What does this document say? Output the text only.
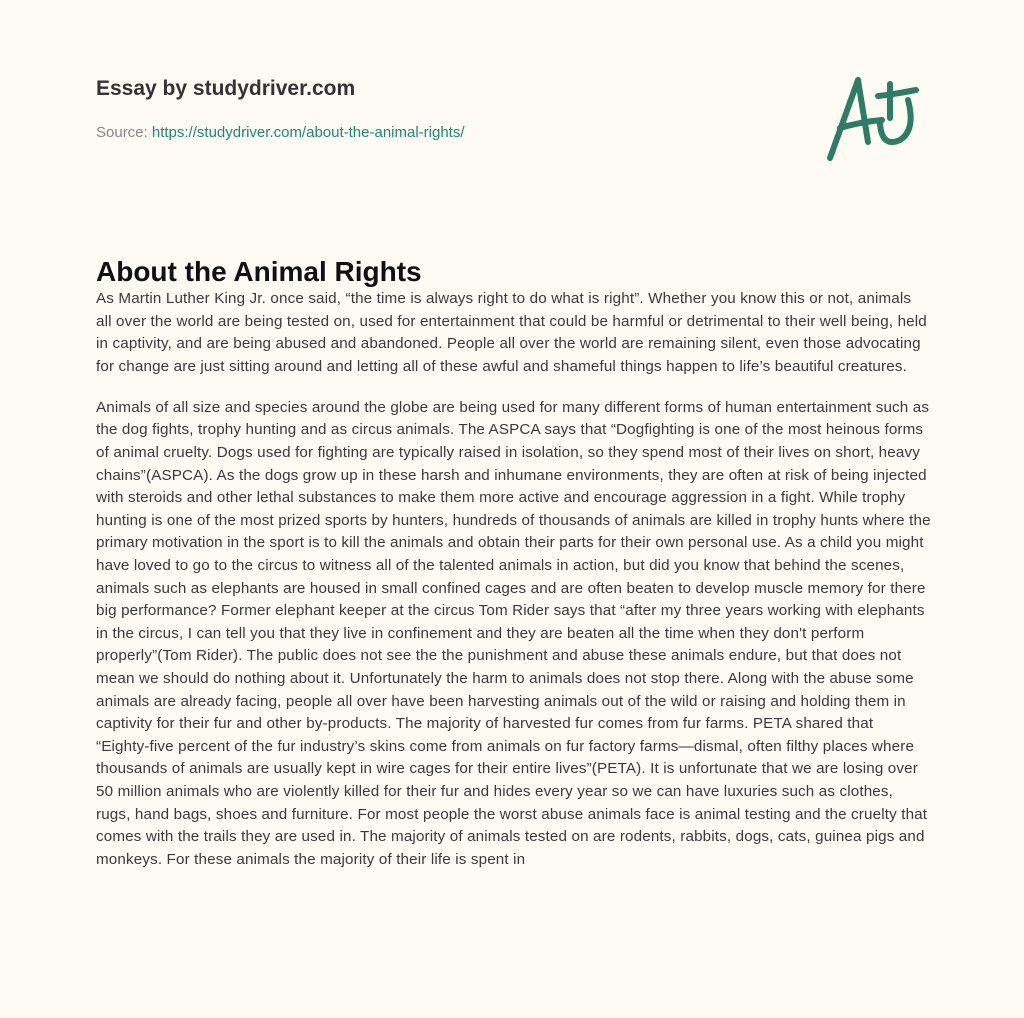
Essay by studydriver.com
Source: https://studydriver.com/about-the-animal-rights/
About the Animal Rights

As Martin Luther King Jr. once said, “the time is always right to do what is right”. Whether you know this or not, animals all over the world are being tested on, used for entertainment that could be harmful or detrimental to their well being, held in captivity, and are being abused and abandoned. People all over the world are remaining silent, even those advocating for change are just sitting around and letting all of these awful and shameful things happen to life’s beautiful creatures.

Animals of all size and species around the globe are being used for many different forms of human entertainment such as the dog fights, trophy hunting and as circus animals. The ASPCA says that “Dogfighting is one of the most heinous forms of animal cruelty. Dogs used for fighting are typically raised in isolation, so they spend most of their lives on short, heavy chains”(ASPCA). As the dogs grow up in these harsh and inhumane environments, they are often at risk of being injected with steroids and other lethal substances to make them more active and encourage aggression in a fight. While trophy hunting is one of the most prized sports by hunters, hundreds of thousands of animals are killed in trophy hunts where the primary motivation in the sport is to kill the animals and obtain their parts for their own personal use. As a child you might have loved to go to the circus to witness all of the talented animals in action, but did you know that behind the scenes, animals such as elephants are housed in small confined cages and are often beaten to develop muscle memory for there big performance? Former elephant keeper at the circus Tom Rider says that “after my three years working with elephants in the circus, I can tell you that they live in confinement and they are beaten all the time when they don't perform properly”(Tom Rider). The public does not see the the punishment and abuse these animals endure, but that does not mean we should do nothing about it. Unfortunately the harm to animals does not stop there. Along with the abuse some animals are already facing, people all over have been harvesting animals out of the wild or raising and holding them in captivity for their fur and other by-products. The majority of harvested fur comes from fur farms. PETA shared that “Eighty-five percent of the fur industry’s skins come from animals on fur factory farms—dismal, often filthy places where thousands of animals are usually kept in wire cages for their entire lives”(PETA). It is unfortunate that we are losing over 50 million animals who are violently killed for their fur and hides every year so we can have luxuries such as clothes, rugs, hand bags, shoes and furniture. For most people the worst abuse animals face is animal testing and the cruelty that comes with the trails they are used in. The majority of animals tested on are rodents, rabbits, dogs, cats, guinea pigs and monkeys. For these animals the majority of their life is spent in
